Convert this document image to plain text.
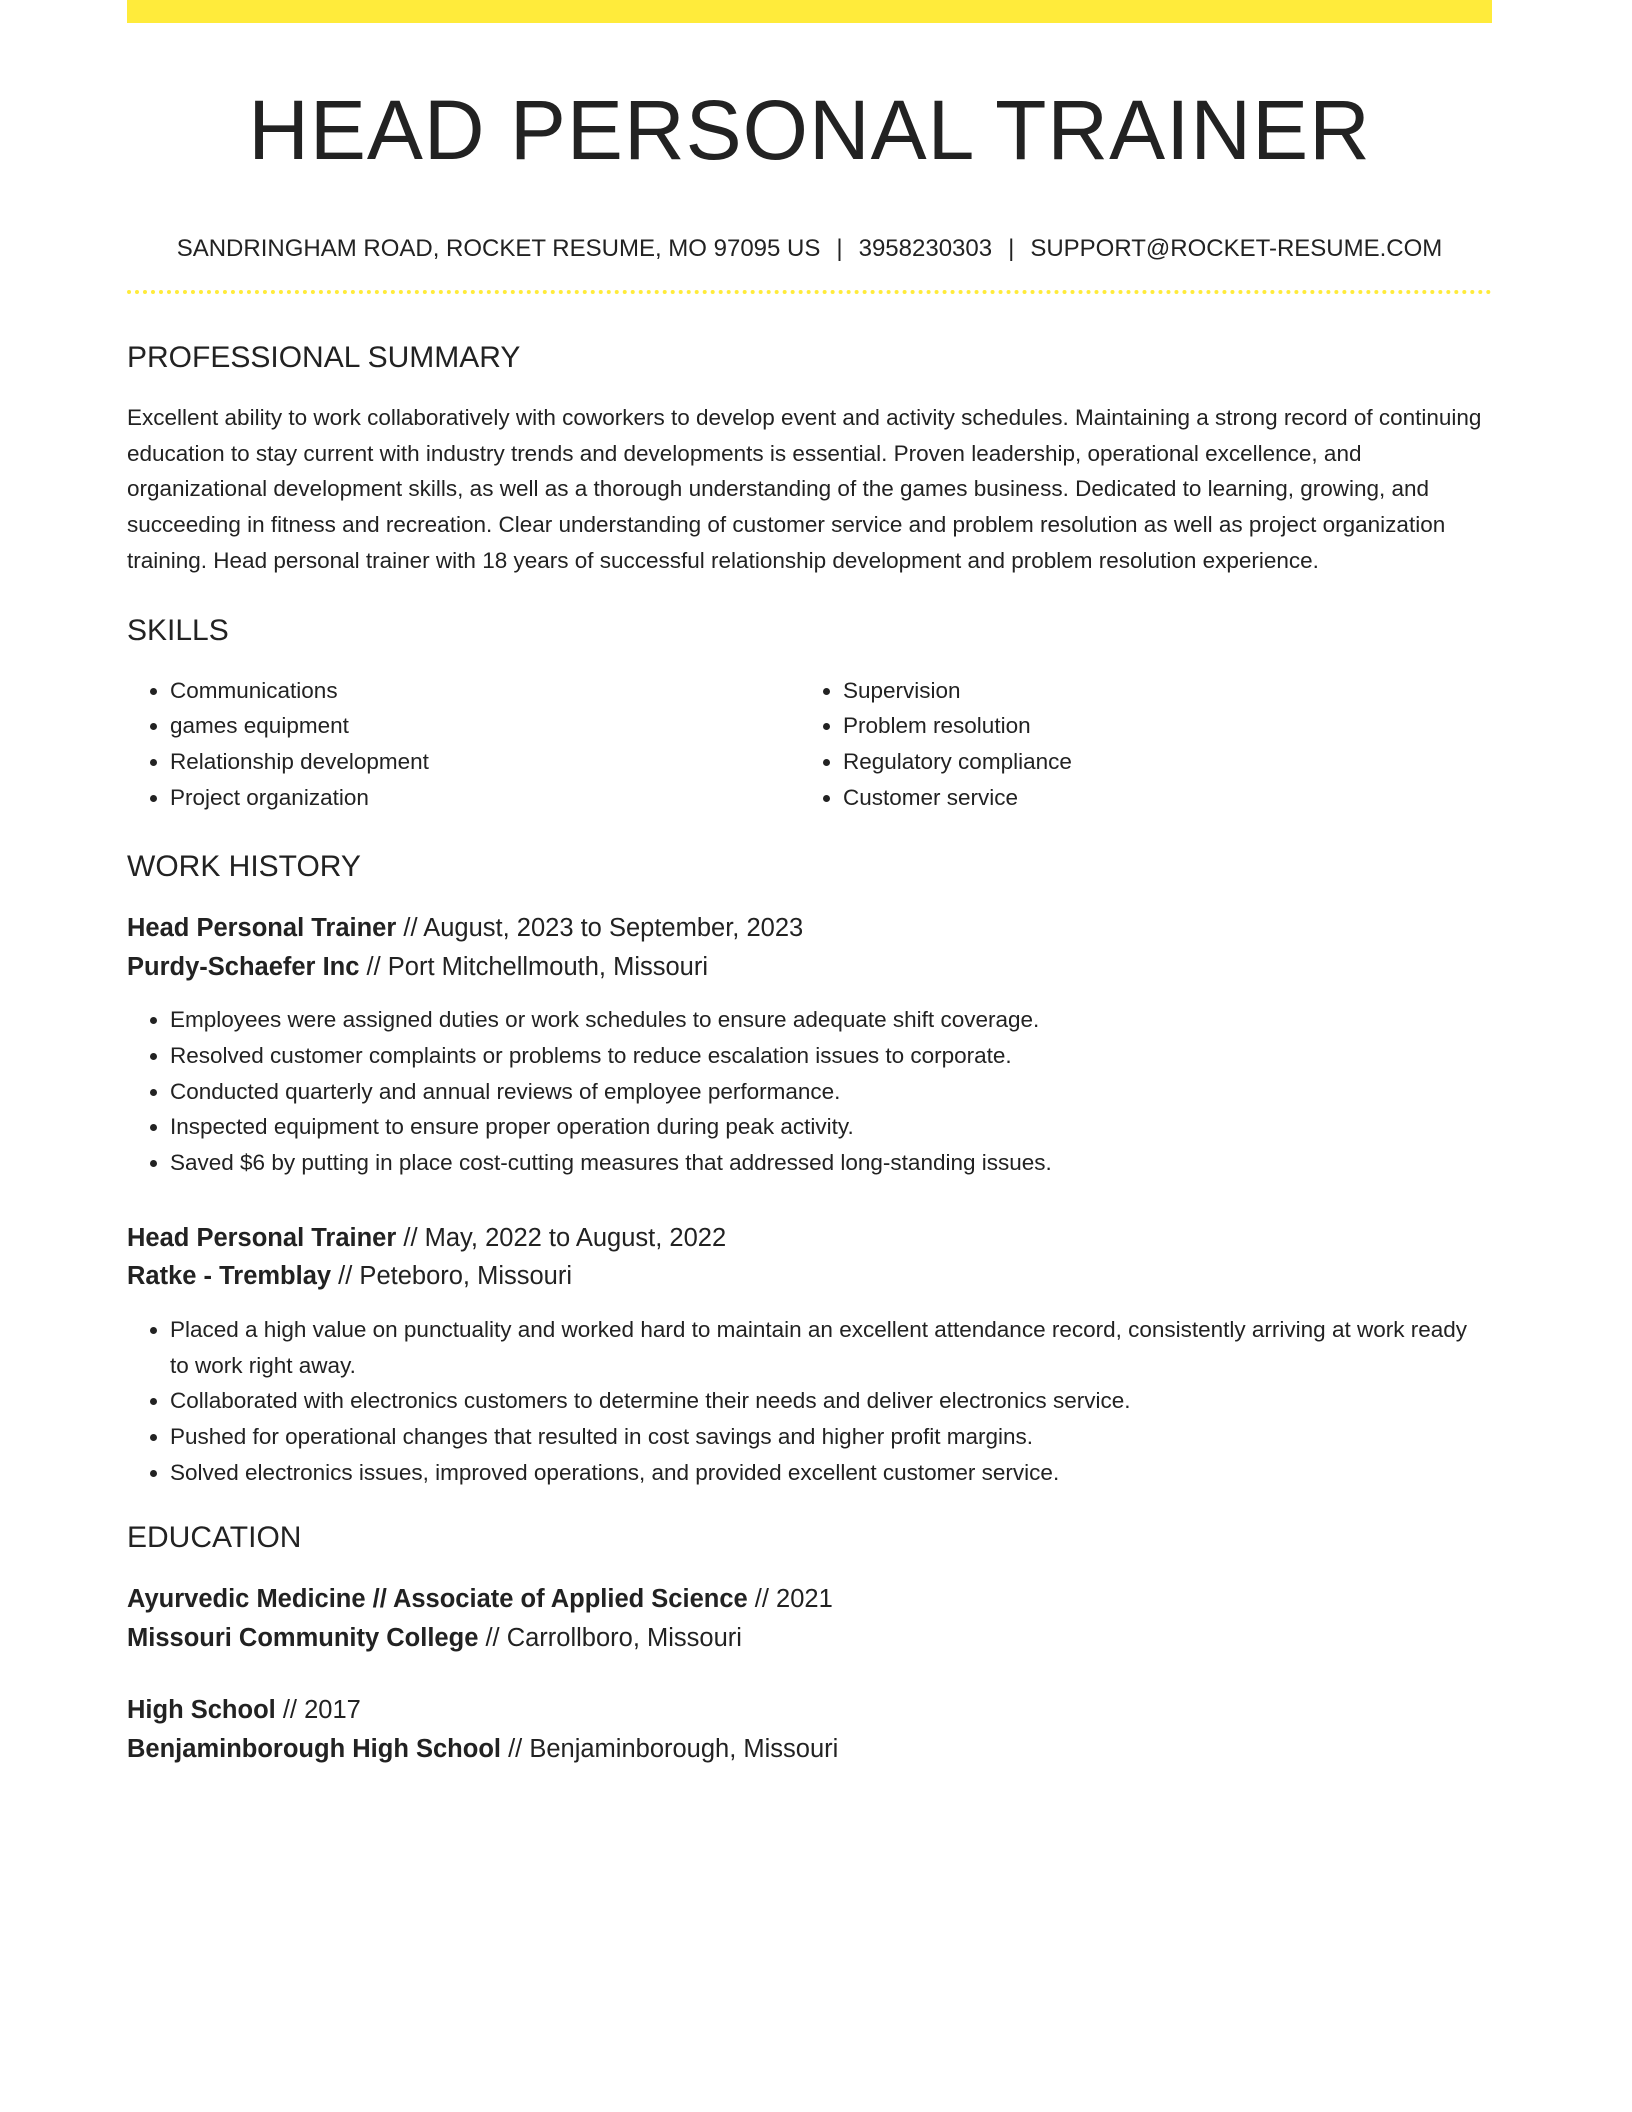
HEAD PERSONAL TRAINER
SANDRINGHAM ROAD, ROCKET RESUME, MO 97095 US | 3958230303 | SUPPORT@ROCKET-RESUME.COM
PROFESSIONAL SUMMARY

Excellent ability to work collaboratively with coworkers to develop event and activity schedules. Maintaining a strong record of continuing education to stay current with industry trends and developments is essential. Proven leadership, operational excellence, and organizational development skills, as well as a thorough understanding of the games business. Dedicated to learning, growing, and succeeding in fitness and recreation. Clear understanding of customer service and problem resolution as well as project organization training. Head personal trainer with 18 years of successful relationship development and problem resolution experience.

SKILLS
• Communications
• games equipment
• Relationship development
• Project organization
• Supervision
• Problem resolution
• Regulatory compliance
• Customer service
WORK HISTORY

Head Personal Trainer // August, 2023 to September, 2023

Purdy-Schaefer Inc // Port Mitchellmouth, Missouri

• Employees were assigned duties or work schedules to ensure adequate shift coverage.
• Resolved customer complaints or problems to reduce escalation issues to corporate.
• Conducted quarterly and annual reviews of employee performance.
• Inspected equipment to ensure proper operation during peak activity.
• Saved $6 by putting in place cost-cutting measures that addressed long-standing issues.

Head Personal Trainer // May, 2022 to August, 2022

Ratke - Tremblay // Peteboro, Missouri

• Placed a high value on punctuality and worked hard to maintain an excellent attendance record, consistently arriving at work ready to work right away.
• Collaborated with electronics customers to determine their needs and deliver electronics service.
• Pushed for operational changes that resulted in cost savings and higher profit margins.
• Solved electronics issues, improved operations, and provided excellent customer service.
EDUCATION

Ayurvedic Medicine // Associate of Applied Science // 2021

Missouri Community College // Carrollboro, Missouri

High School // 2017

Benjaminborough High School // Benjaminborough, Missouri
